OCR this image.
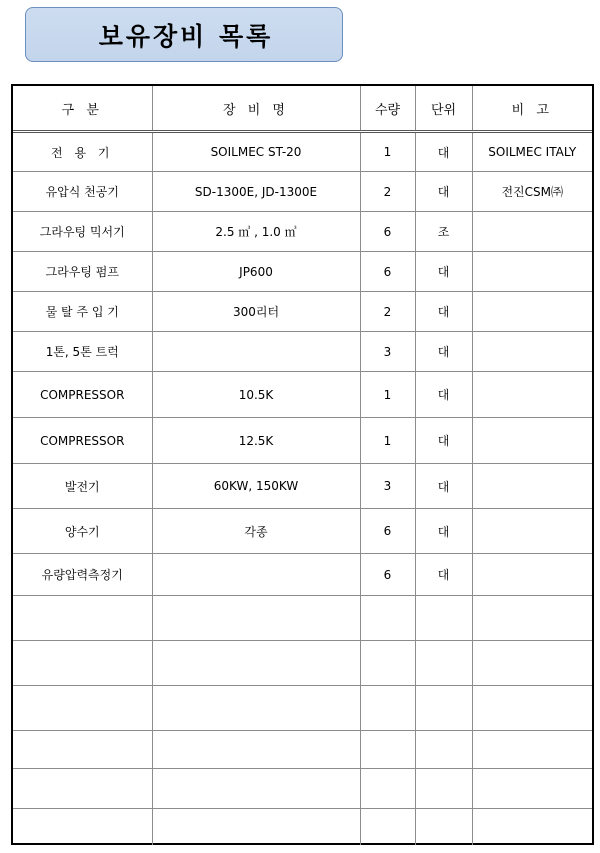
보유장비 목록
구 분	장 비 명	수량	단위	비 고
전 용 기	SOILMEC ST-20	1	대	SOILMEC ITALY
유압식 천공기	SD-1300E, JD-1300E	2	대	전진CSM㈜
그라우팅 믹서기	2.5 ㎥ , 1.0 ㎥	6	조	
그라우팅 펌프	JP600	6	대	
물 탈 주 입 기	300리터	2	대	
1톤, 5톤 트럭		3	대	
COMPRESSOR	10.5K	1	대	
COMPRESSOR	12.5K	1	대	
발전기	60KW, 150KW	3	대	
양수기	각종	6	대	
유량압력측정기		6	대	
